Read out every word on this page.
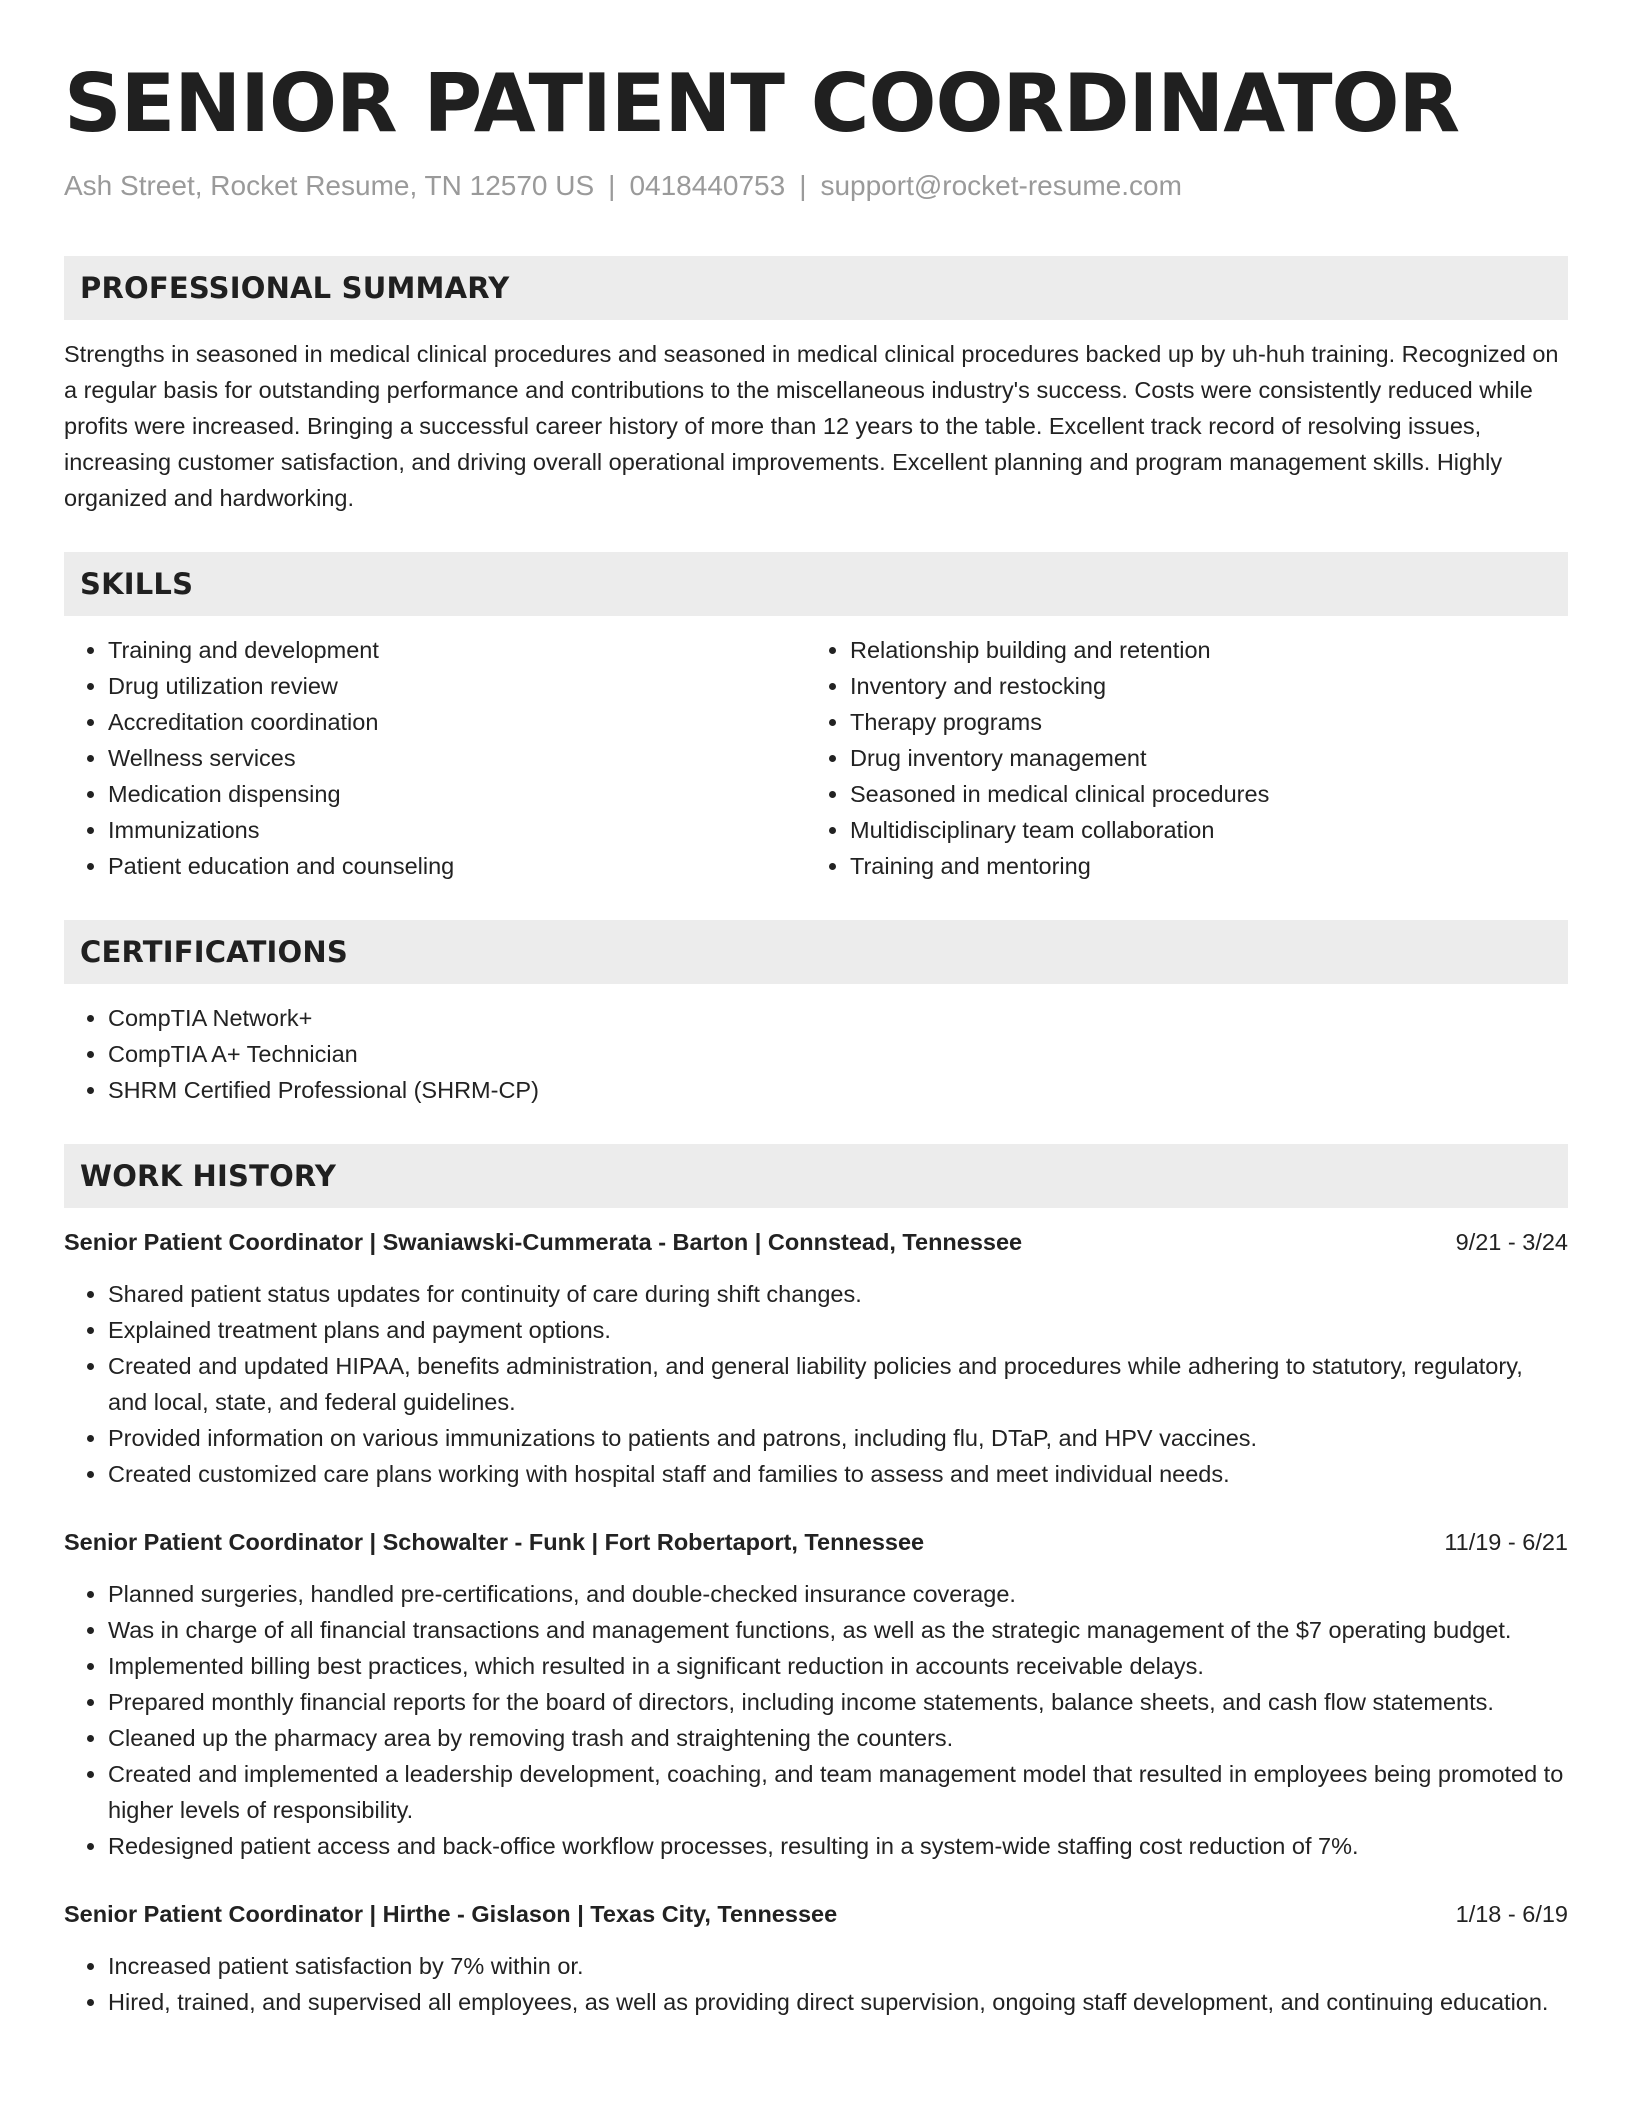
SENIOR PATIENT COORDINATOR
Ash Street, Rocket Resume, TN 12570 US | 0418440753 | support@rocket-resume.com
PROFESSIONAL SUMMARY

Strengths in seasoned in medical clinical procedures and seasoned in medical clinical procedures backed up by uh-huh training. Recognized on a regular basis for outstanding performance and contributions to the miscellaneous industry's success. Costs were consistently reduced while profits were increased. Bringing a successful career history of more than 12 years to the table. Excellent track record of resolving issues, increasing customer satisfaction, and driving overall operational improvements. Excellent planning and program management skills. Highly organized and hardworking.

SKILLS
• Training and development
• Drug utilization review
• Accreditation coordination
• Wellness services
• Medication dispensing
• Immunizations
• Patient education and counseling
• Relationship building and retention
• Inventory and restocking
• Therapy programs
• Drug inventory management
• Seasoned in medical clinical procedures
• Multidisciplinary team collaboration
• Training and mentoring
CERTIFICATIONS
• CompTIA Network+
• CompTIA A+ Technician
• SHRM Certified Professional (SHRM-CP)
WORK HISTORY
Senior Patient Coordinator | Swaniawski-Cummerata - Barton | Connstead, Tennessee	9/21 - 3/24
• Shared patient status updates for continuity of care during shift changes.
• Explained treatment plans and payment options.
• Created and updated HIPAA, benefits administration, and general liability policies and procedures while adhering to statutory, regulatory, and local, state, and federal guidelines.
• Provided information on various immunizations to patients and patrons, including flu, DTaP, and HPV vaccines.
• Created customized care plans working with hospital staff and families to assess and meet individual needs.
Senior Patient Coordinator | Schowalter - Funk | Fort Robertaport, Tennessee	11/19 - 6/21
• Planned surgeries, handled pre-certifications, and double-checked insurance coverage.
• Was in charge of all financial transactions and management functions, as well as the strategic management of the $7 operating budget.
• Implemented billing best practices, which resulted in a significant reduction in accounts receivable delays.
• Prepared monthly financial reports for the board of directors, including income statements, balance sheets, and cash flow statements.
• Cleaned up the pharmacy area by removing trash and straightening the counters.
• Created and implemented a leadership development, coaching, and team management model that resulted in employees being promoted to higher levels of responsibility.
• Redesigned patient access and back-office workflow processes, resulting in a system-wide staffing cost reduction of 7%.
Senior Patient Coordinator | Hirthe - Gislason | Texas City, Tennessee	1/18 - 6/19
• Increased patient satisfaction by 7% within or.
• Hired, trained, and supervised all employees, as well as providing direct supervision, ongoing staff development, and continuing education.
